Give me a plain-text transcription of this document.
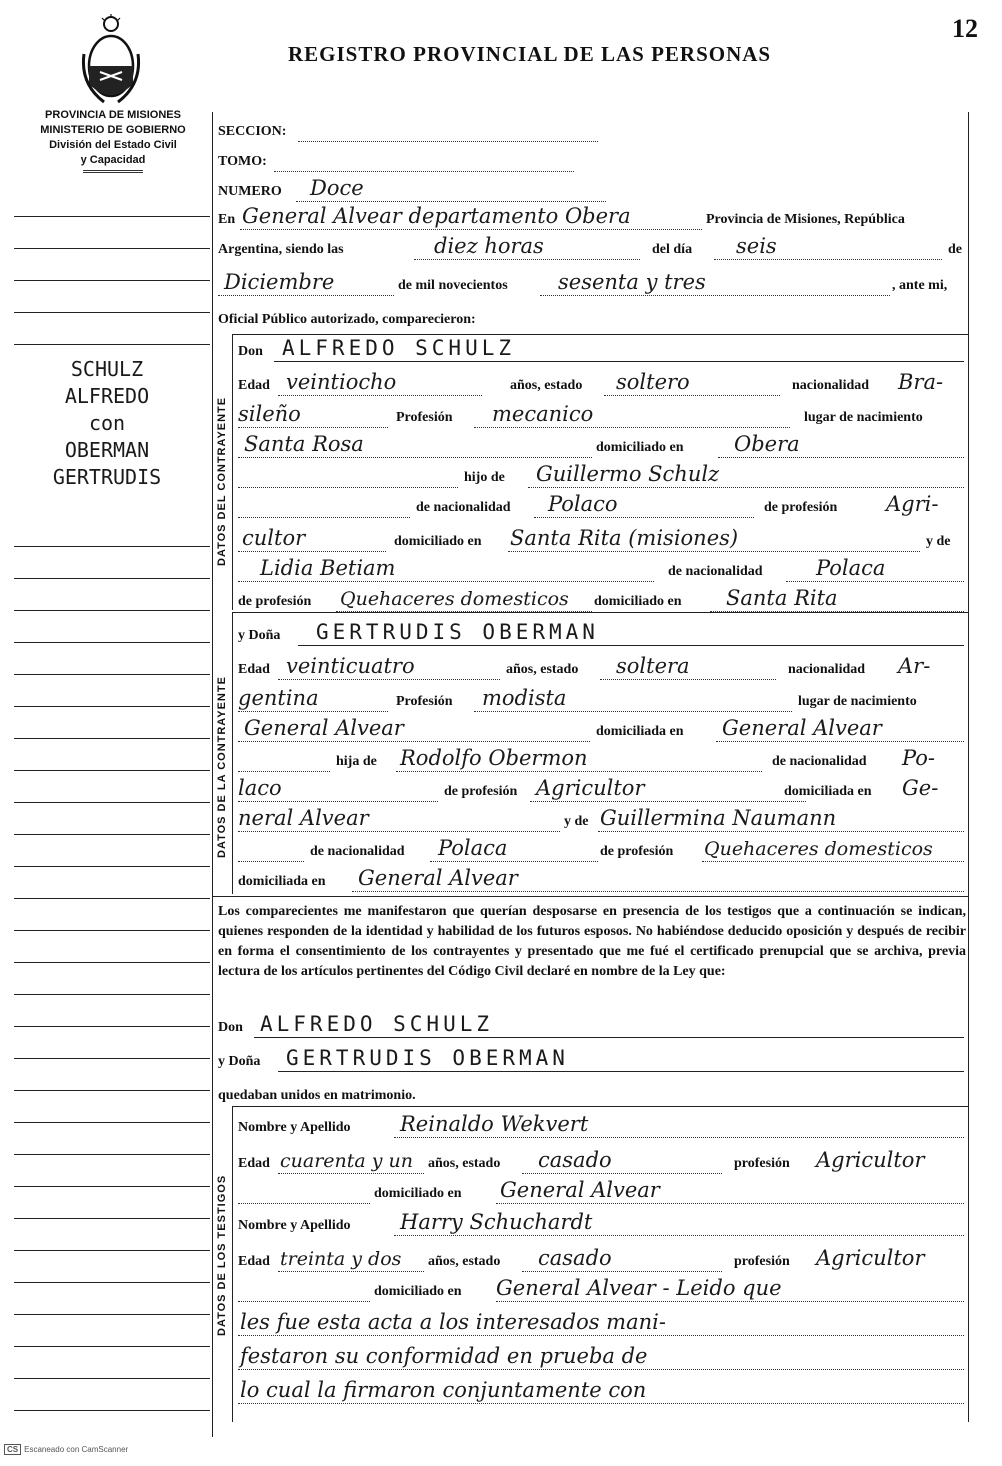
REGISTRO PROVINCIAL DE LAS PERSONAS
12
PROVINCIA DE MISIONES
MINISTERIO DE GOBIERNO
División del Estado Civil
y Capacidad
SCHULZ
ALFREDO
con
OBERMAN
GERTRUDIS
SECCION:
TOMO:
NUMERO Doce
En General Alvear departamento Obera	Provincia de Misiones, República
Argentina, siendo las	diez horas	del día seis	de
Diciembre	de mil novecientos sesenta y tres	, ante mi,
Oficial Público autorizado, comparecieron:
DATOS DEL CONTRAYENTE
Don ALFREDO SCHULZ
Edad veintiocho	años, estado soltero	nacionalidad Bra-
sileño	Profesión mecanico	lugar de nacimiento
Santa Rosa	domiciliado en Obera
hijo de Guillermo Schulz
de nacionalidad Polaco	de profesión Agri-
cultor	domiciliado en Santa Rita (misiones)	y de
Lidia Betiam	de nacionalidad	Polaca
de profesión Quehaceres domesticos domiciliado en Santa Rita
DATOS DE LA CONTRAYENTE
y Doña GERTRUDIS OBERMAN
Edad veinticuatro	años, estado soltera	nacionalidad Ar-
gentina	Profesión modista	lugar de nacimiento
General Alvear	domiciliada en General Alvear
hija de Rodolfo Obermon	de nacionalidad Po-
laco	de profesión Agricultor	domiciliada en Ge-
neral Alvear	y de Guillermina Naumann
de nacionalidad Polaca	de profesión Quehaceres domesticos
domiciliada en General Alvear
Los comparecientes me manifestaron que querían desposarse en presencia de los testigos que a continuación se indican, quienes responden de la identidad y habilidad de los futuros esposos. No habiéndose deducido oposición y después de recibir en forma el consentimiento de los contrayentes y presentado que me fué el certificado prenupcial que se archiva, previa lectura de los artículos pertinentes del Código Civil declaré en nombre de la Ley que:
Don ALFREDO SCHULZ
y Doña GERTRUDIS OBERMAN
quedaban unidos en matrimonio.
DATOS DE LOS TESTIGOS
Nombre y Apellido Reinaldo Wekvert
Edad cuarenta y un años, estado casado	profesión Agricultor
domiciliado en General Alvear
Nombre y Apellido Harry Schuchardt
Edad treinta y dos años, estado casado	profesión Agricultor
domiciliado en General Alvear - Leido que
les fue esta acta a los interesados mani-
festaron su conformidad en prueba de
lo cual la firmaron conjuntamente con
CS Escaneado con CamScanner
